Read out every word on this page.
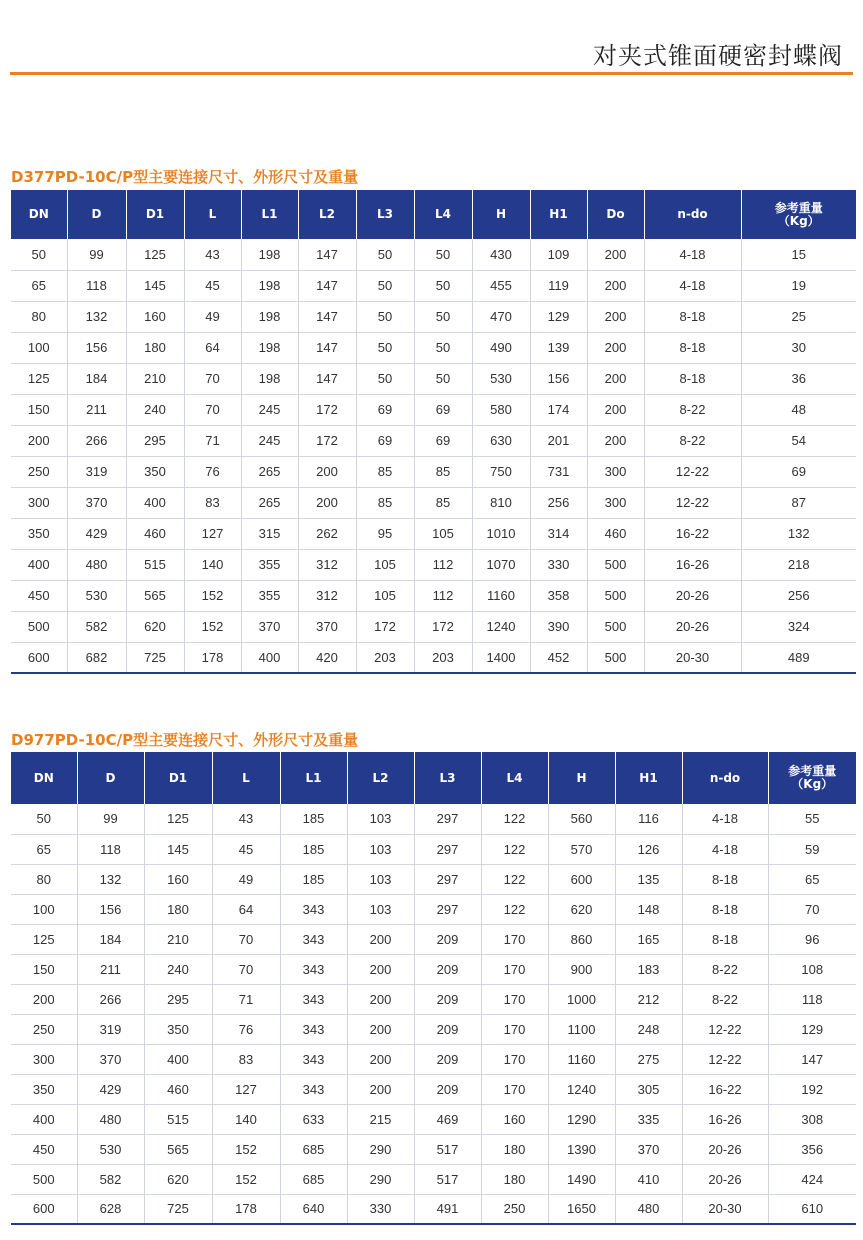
对夹式锥面硬密封蝶阀
D377PD-10C/P型主要连接尺寸、外形尺寸及重量
DN	D	D1	L	L1	L2	L3	L4	H	H1	Do	n-do	参考重量
（Kg）
50	99	125	43	198	147	50	50	430	109	200	4-18	15
65	118	145	45	198	147	50	50	455	119	200	4-18	19
80	132	160	49	198	147	50	50	470	129	200	8-18	25
100	156	180	64	198	147	50	50	490	139	200	8-18	30
125	184	210	70	198	147	50	50	530	156	200	8-18	36
150	211	240	70	245	172	69	69	580	174	200	8-22	48
200	266	295	71	245	172	69	69	630	201	200	8-22	54
250	319	350	76	265	200	85	85	750	731	300	12-22	69
300	370	400	83	265	200	85	85	810	256	300	12-22	87
350	429	460	127	315	262	95	105	1010	314	460	16-22	132
400	480	515	140	355	312	105	112	1070	330	500	16-26	218
450	530	565	152	355	312	105	112	1160	358	500	20-26	256
500	582	620	152	370	370	172	172	1240	390	500	20-26	324
600	682	725	178	400	420	203	203	1400	452	500	20-30	489
D977PD-10C/P型主要连接尺寸、外形尺寸及重量
DN	D	D1	L	L1	L2	L3	L4	H	H1	n-do	参考重量
（Kg）
50	99	125	43	185	103	297	122	560	116	4-18	55
65	118	145	45	185	103	297	122	570	126	4-18	59
80	132	160	49	185	103	297	122	600	135	8-18	65
100	156	180	64	343	103	297	122	620	148	8-18	70
125	184	210	70	343	200	209	170	860	165	8-18	96
150	211	240	70	343	200	209	170	900	183	8-22	108
200	266	295	71	343	200	209	170	1000	212	8-22	118
250	319	350	76	343	200	209	170	1100	248	12-22	129
300	370	400	83	343	200	209	170	1160	275	12-22	147
350	429	460	127	343	200	209	170	1240	305	16-22	192
400	480	515	140	633	215	469	160	1290	335	16-26	308
450	530	565	152	685	290	517	180	1390	370	20-26	356
500	582	620	152	685	290	517	180	1490	410	20-26	424
600	628	725	178	640	330	491	250	1650	480	20-30	610
